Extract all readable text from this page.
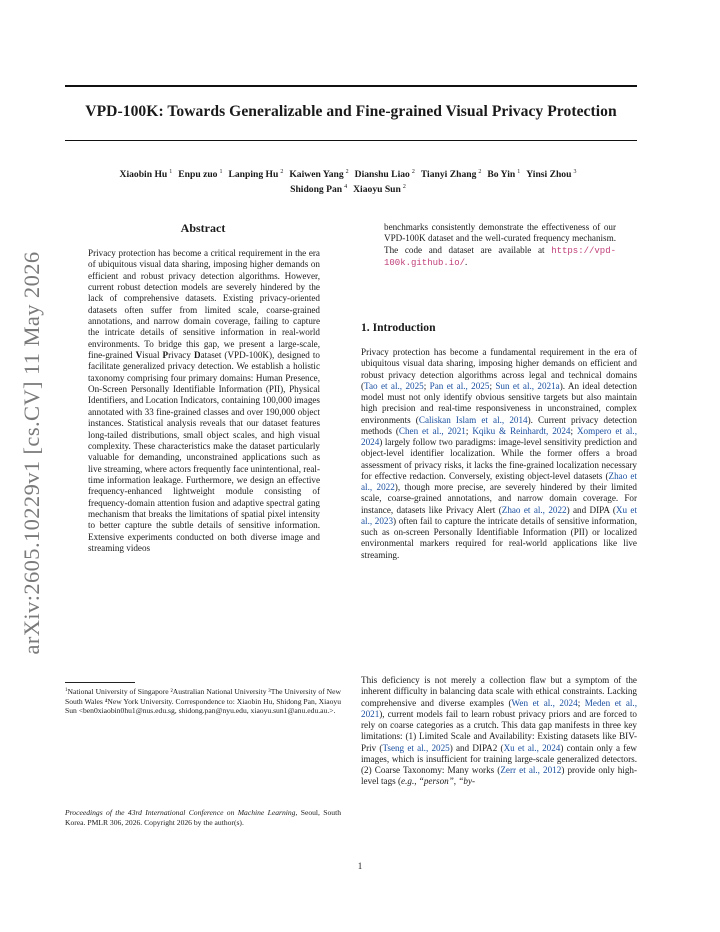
VPD-100K: Towards Generalizable and Fine-grained Visual Privacy Protection
Xiaobin Hu $^1$ Enpu zuo $^1$ Lanping Hu $^2$ Kaiwen Yang $^2$ Dianshu Liao $^2$ Tianyi Zhang $^2$ Bo Yin $^1$ Yinsi Zhou $^3$
Shidong Pan $^4$ Xiaoyu Sun $^2$
arXiv:2605.10229v1 [cs.CV] 11 May 2026
Abstract
Privacy protection has become a critical requirement in the era of ubiquitous visual data sharing, imposing higher demands on efficient and robust privacy detection algorithms. However, current robust detection models are severely hindered by the lack of comprehensive datasets. Existing privacy-oriented datasets often suffer from limited scale, coarse-grained annotations, and narrow domain coverage, failing to capture the intricate details of sensitive information in real-world environments. To bridge this gap, we present a large-scale, fine-grained Visual Privacy Dataset (VPD-100K), designed to facilitate generalized privacy detection. We establish a holistic taxonomy comprising four primary domains: Human Presence, On-Screen Personally Identifiable Information (PII), Physical Identifiers, and Location Indicators, containing 100,000 images annotated with 33 fine-grained classes and over 190,000 object instances. Statistical analysis reveals that our dataset features long-tailed distributions, small object scales, and high visual complexity. These characteristics make the dataset particularly valuable for demanding, unconstrained applications such as live streaming, where actors frequently face unintentional, real-time information leakage. Furthermore, we design an effective frequency-enhanced lightweight module consisting of frequency-domain attention fusion and adaptive spectral gating mechanism that breaks the limitations of spatial pixel intensity to better capture the subtle details of sensitive information. Extensive experiments conducted on both diverse image and streaming videos
benchmarks consistently demonstrate the effectiveness of our VPD-100K dataset and the well-curated frequency mechanism. The code and dataset are available at https://vpd-100k.github.io/.
$^1$National University of Singapore ²Australian National University ³The University of New South Wales ⁴New York University. Correspondence to: Xiaobin Hu, Shidong Pan, Xiaoyu Sun <ben0xiaobin0hu1@nus.edu.sg, shidong.pan@nyu.edu, xiaoyu.sun1@anu.edu.au.>.
Proceedings of the 43rd International Conference on Machine Learning, Seoul, South Korea. PMLR 306, 2026. Copyright 2026 by the author(s).
1. Introduction
Privacy protection has become a fundamental requirement in the era of ubiquitous visual data sharing, imposing higher demands on efficient and robust privacy detection algorithms across legal and technical domains (Tao et al., 2025; Pan et al., 2025; Sun et al., 2021a). An ideal detection model must not only identify obvious sensitive targets but also maintain high precision and real-time responsiveness in unconstrained, complex environments (Caliskan Islam et al., 2014). Current privacy detection methods (Chen et al., 2021; Kqiku & Reinhardt, 2024; Xompero et al., 2024) largely follow two paradigms: image-level sensitivity prediction and object-level identifier localization. While the former offers a broad assessment of privacy risks, it lacks the fine-grained localization necessary for effective redaction. Conversely, existing object-level datasets (Zhao et al., 2022), though more precise, are severely hindered by their limited scale, coarse-grained annotations, and narrow domain coverage. For instance, datasets like Privacy Alert (Zhao et al., 2022) and DIPA (Xu et al., 2023) often fail to capture the intricate details of sensitive information, such as on-screen Personally Identifiable Information (PII) or localized environmental markers required for real-world applications like live streaming.
This deficiency is not merely a collection flaw but a symptom of the inherent difficulty in balancing data scale with ethical constraints. Lacking comprehensive and diverse examples (Wen et al., 2024; Meden et al., 2021), current models fail to learn robust privacy priors and are forced to rely on coarse categories as a crutch. This data gap manifests in three key limitations: (1) Limited Scale and Availability: Existing datasets like BIV-Priv (Tseng et al., 2025) and DIPA2 (Xu et al., 2024) contain only a few images, which is insufficient for training large-scale generalized detectors. (2) Coarse Taxonomy: Many works (Zerr et al., 2012) provide only high-level tags (e.g., “person”, “by-
1
